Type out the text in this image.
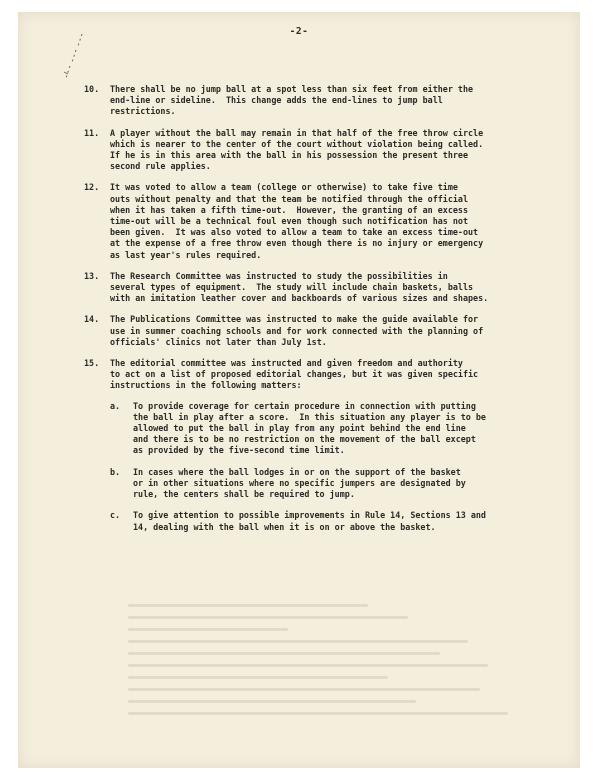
-2-
10. There shall be no jump ball at a spot less than six feet from either the
end-line or sideline.  This change adds the end-lines to jump ball
restrictions.
11. A player without the ball may remain in that half of the free throw circle
which is nearer to the center of the court without violation being called.
If he is in this area with the ball in his possession the present three
second rule applies.
12. It was voted to allow a team (college or otherwise) to take five time
outs without penalty and that the team be notified through the official
when it has taken a fifth time-out.  However, the granting of an excess
time-out will be a technical foul even though such notification has not
been given.  It was also voted to allow a team to take an excess time-out
at the expense of a free throw even though there is no injury or emergency
as last year's rules required.
13. The Research Committee was instructed to study the possibilities in
several types of equipment.  The study will include chain baskets, balls
with an imitation leather cover and backboards of various sizes and shapes.
14. The Publications Committee was instructed to make the guide available for
use in summer coaching schools and for work connected with the planning of
officials' clinics not later than July 1st.
15. The editorial committee was instructed and given freedom and authority
to act on a list of proposed editorial changes, but it was given specific
instructions in the following matters:
a. To provide coverage for certain procedure in connection with putting
the ball in play after a score.  In this situation any player is to be
allowed to put the ball in play from any point behind the end line
and there is to be no restriction on the movement of the ball except
as provided by the five-second time limit.
b. In cases where the ball lodges in or on the support of the basket
or in other situations where no specific jumpers are designated by
rule, the centers shall be required to jump.
c. To give attention to possible improvements in Rule 14, Sections 13 and
14, dealing with the ball when it is on or above the basket.
